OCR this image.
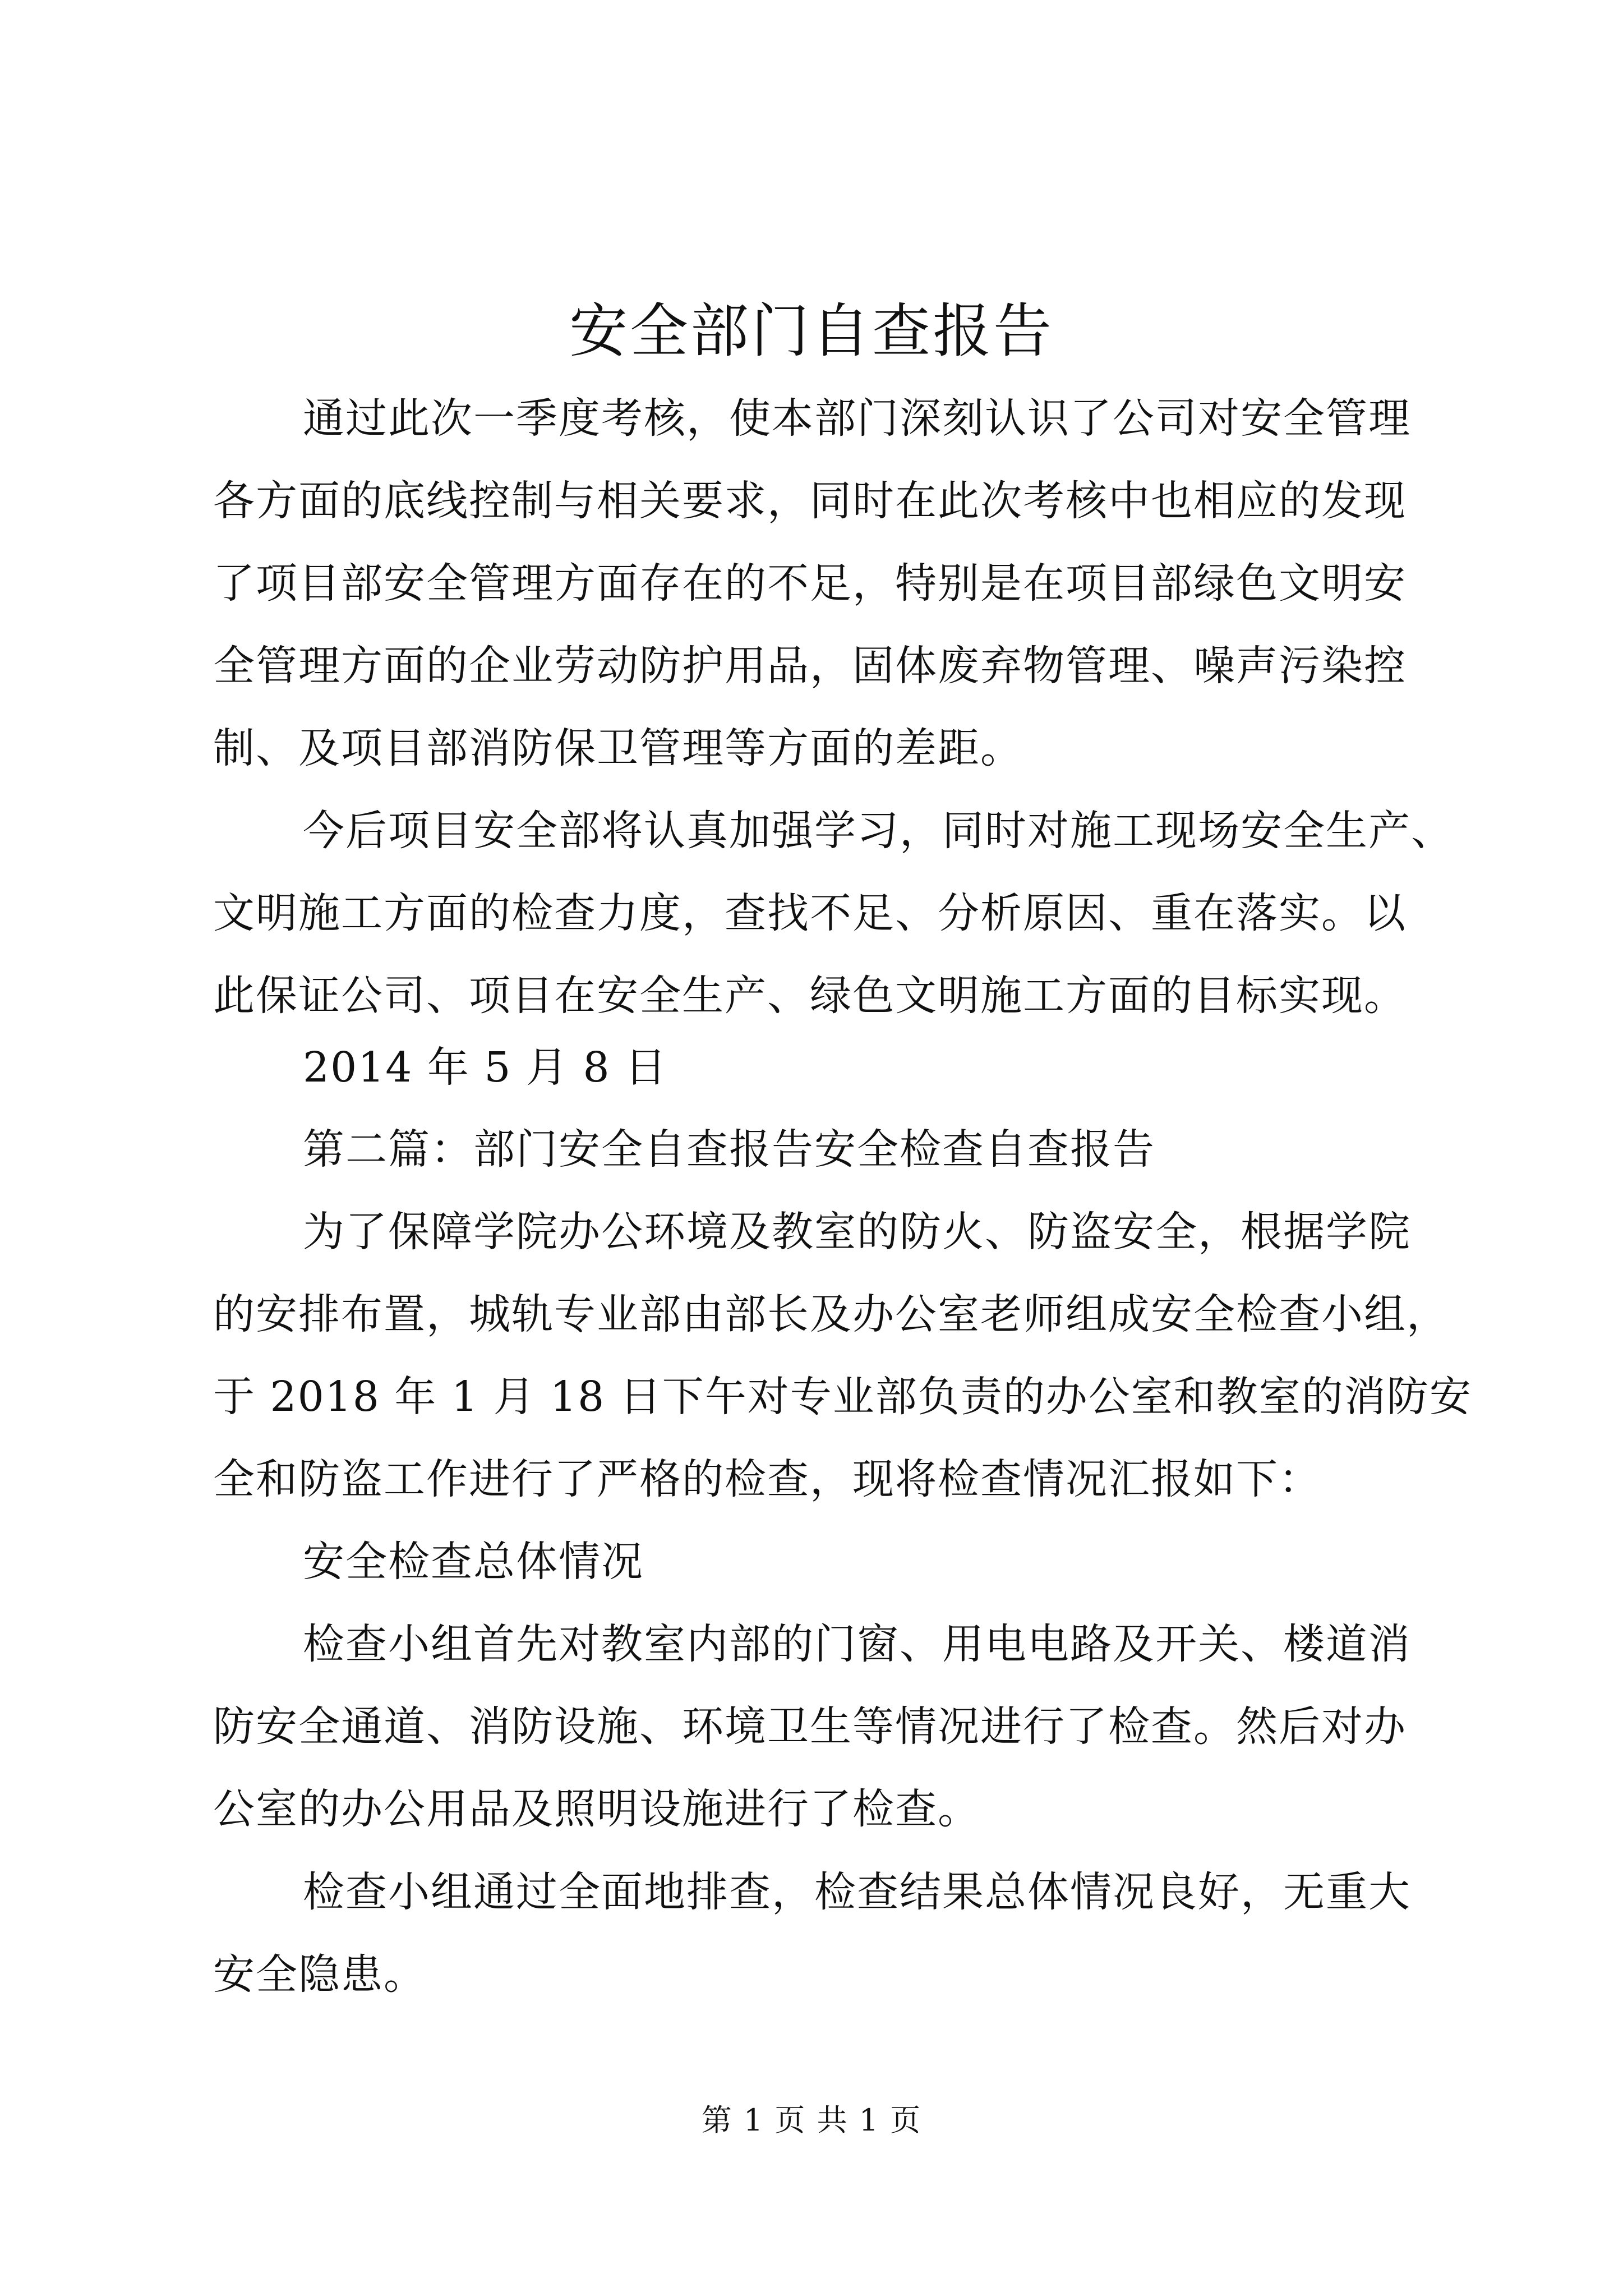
安全部门自查报告
通过此次一季度考核，使本部门深刻认识了公司对安全管理
各方面的底线控制与相关要求，同时在此次考核中也相应的发现
了项目部安全管理方面存在的不足，特别是在项目部绿色文明安
全管理方面的企业劳动防护用品，固体废弃物管理、噪声污染控
制、及项目部消防保卫管理等方面的差距。
今后项目安全部将认真加强学习，同时对施工现场安全生产、
文明施工方面的检查力度，查找不足、分析原因、重在落实。以
此保证公司、项目在安全生产、绿色文明施工方面的目标实现。
2014 年 5 月 8 日
第二篇：部门安全自查报告安全检查自查报告
为了保障学院办公环境及教室的防火、防盗安全，根据学院
的安排布置，城轨专业部由部长及办公室老师组成安全检查小组，
于 2018 年 1 月 18 日下午对专业部负责的办公室和教室的消防安
全和防盗工作进行了严格的检查，现将检查情况汇报如下：
安全检查总体情况
检查小组首先对教室内部的门窗、用电电路及开关、楼道消
防安全通道、消防设施、环境卫生等情况进行了检查。然后对办
公室的办公用品及照明设施进行了检查。
检查小组通过全面地排查，检查结果总体情况良好，无重大
安全隐患。
第 1 页 共 1 页
